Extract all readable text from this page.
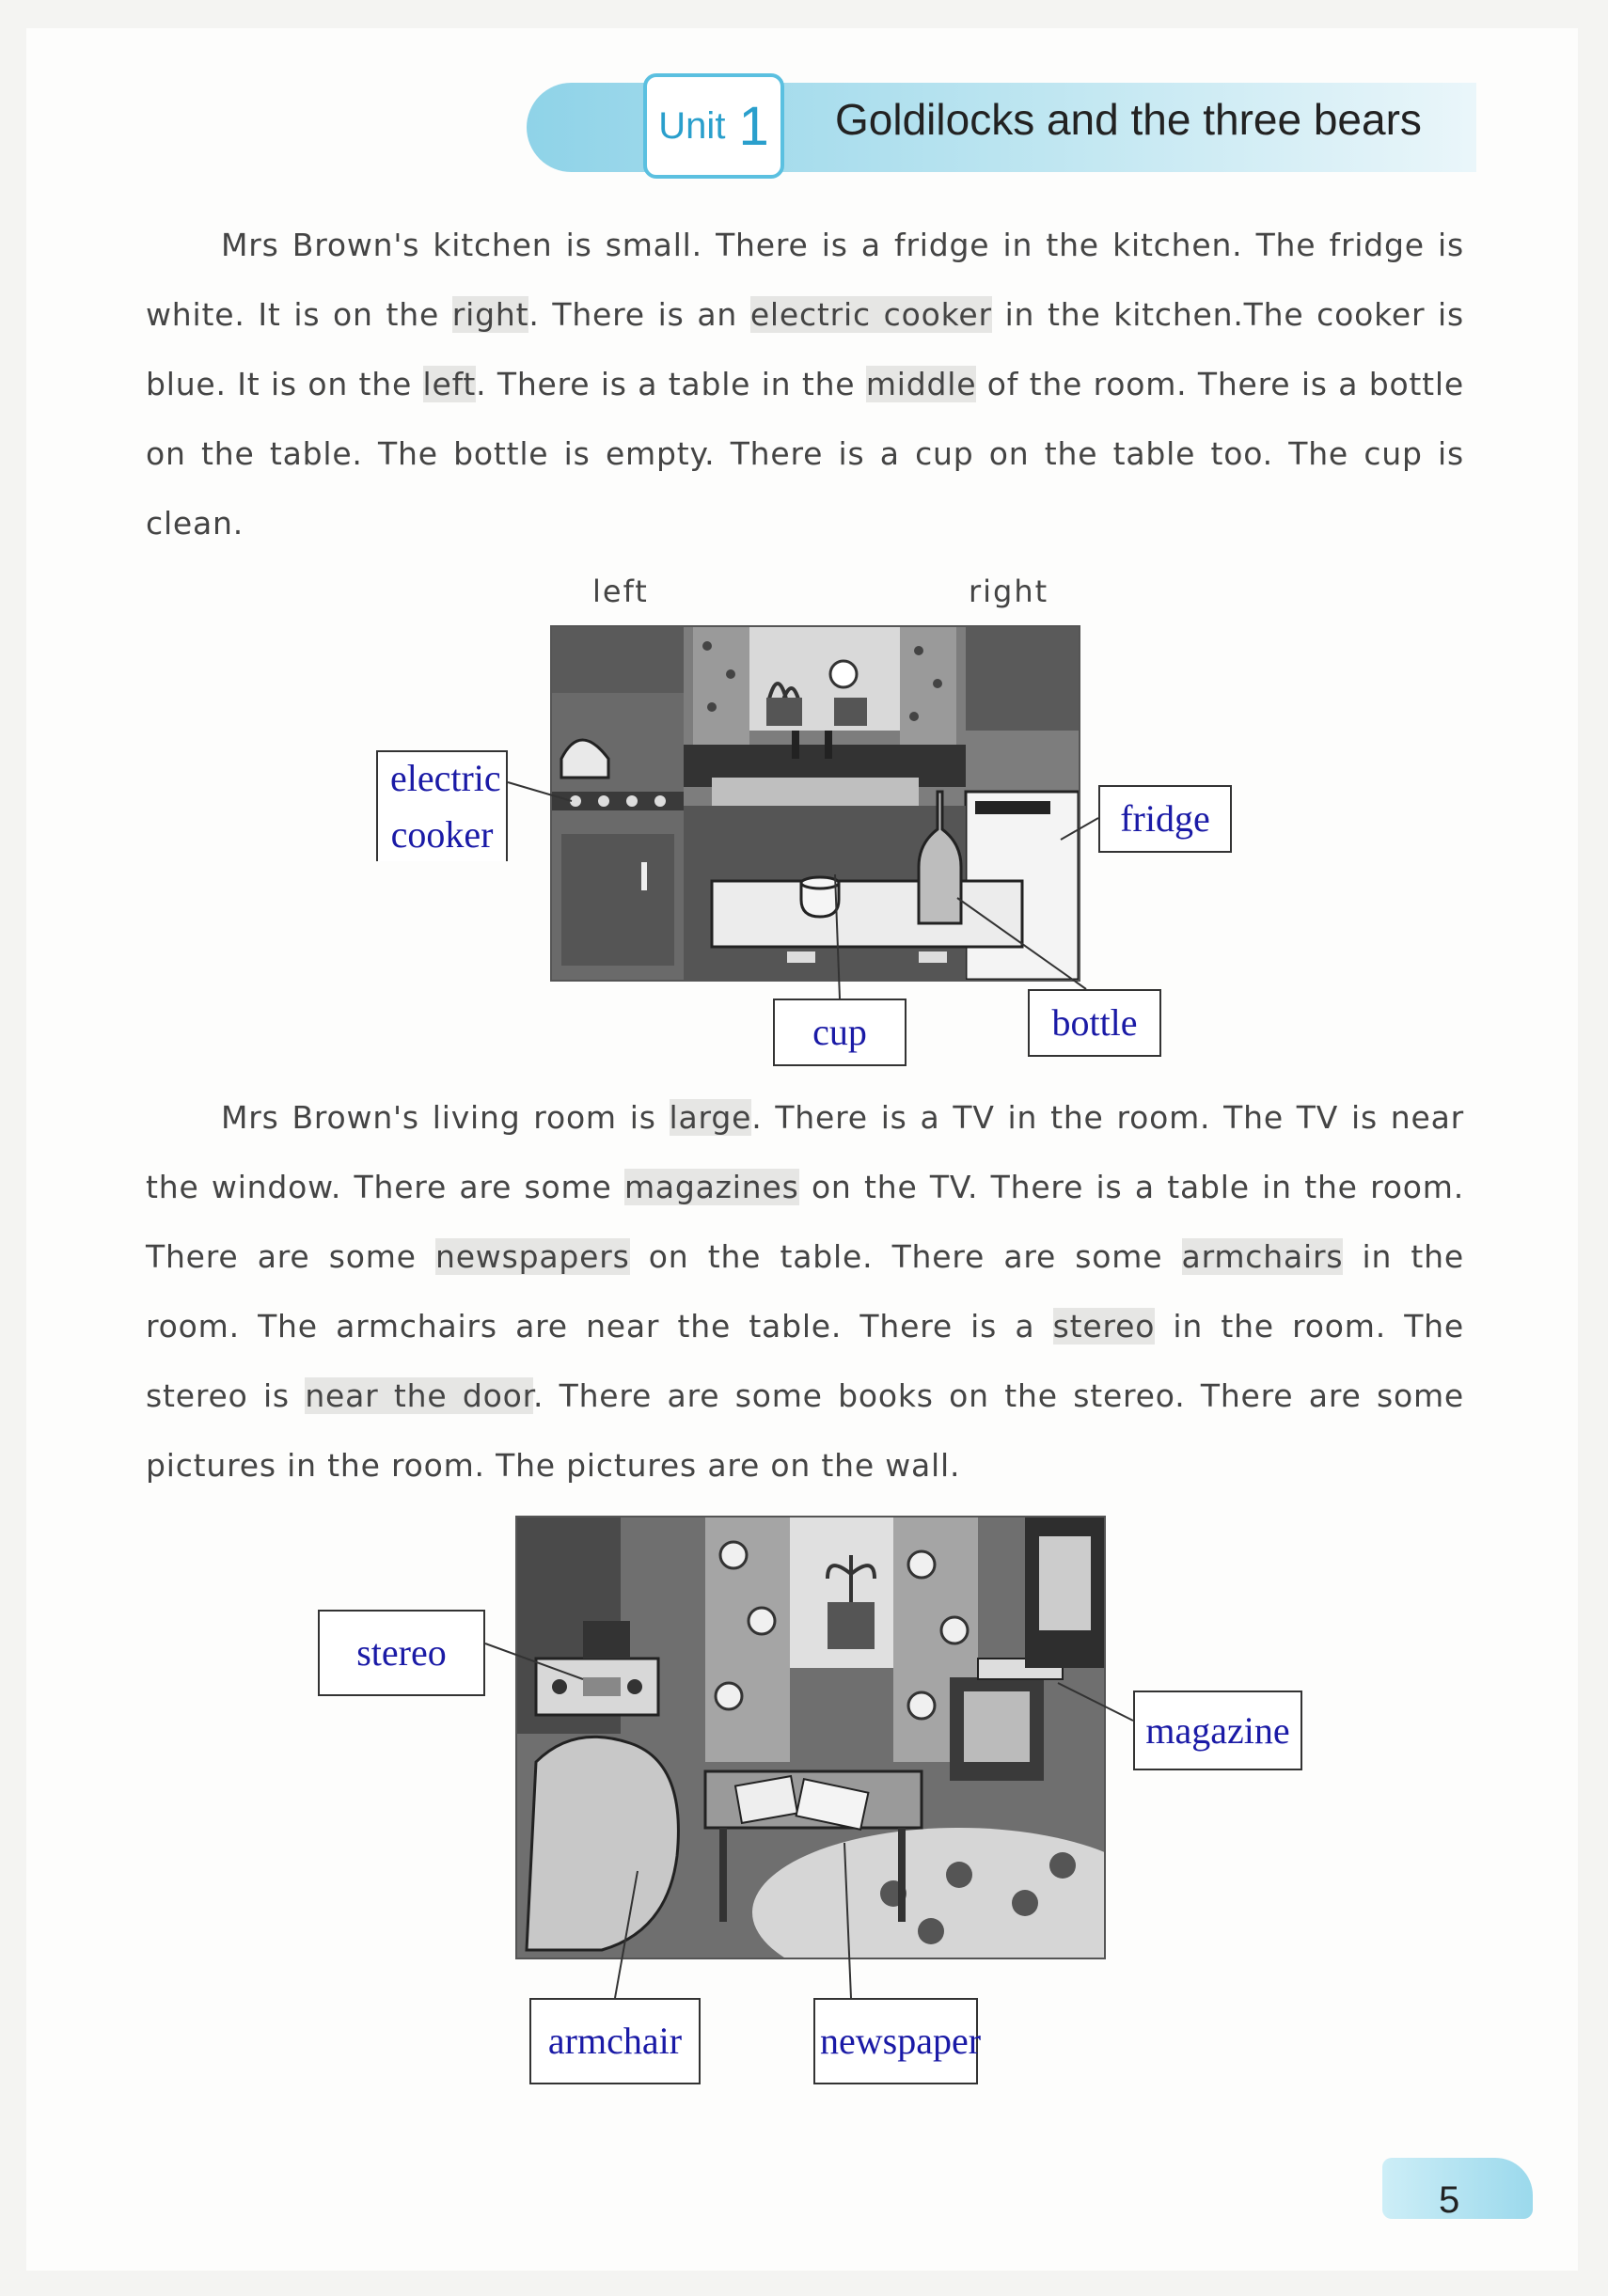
Unit 1 Goldilocks and the three bears

Mrs Brown's kitchen is small. There is a fridge in the kitchen. The fridge is white. It is on the right. There is an electric cooker in the kitchen.The cooker is blue. It is on the left. There is a table in the middle of the room. There is a bottle on the table. The bottle is empty. There is a cup on the table too. The cup is clean.

left	right
electric cooker	fridge
cup	bottle

Mrs Brown's living room is large. There is a TV in the room. The TV is near the window. There are some magazines on the TV. There is a table in the room. There are some newspapers on the table. There are some armchairs in the room. The armchairs are near the table. There is a stereo in the room. The stereo is near the door. There are some books on the stereo. There are some pictures in the room. The pictures are on the wall.

stereo
magazine
armchair	newspaper
5
